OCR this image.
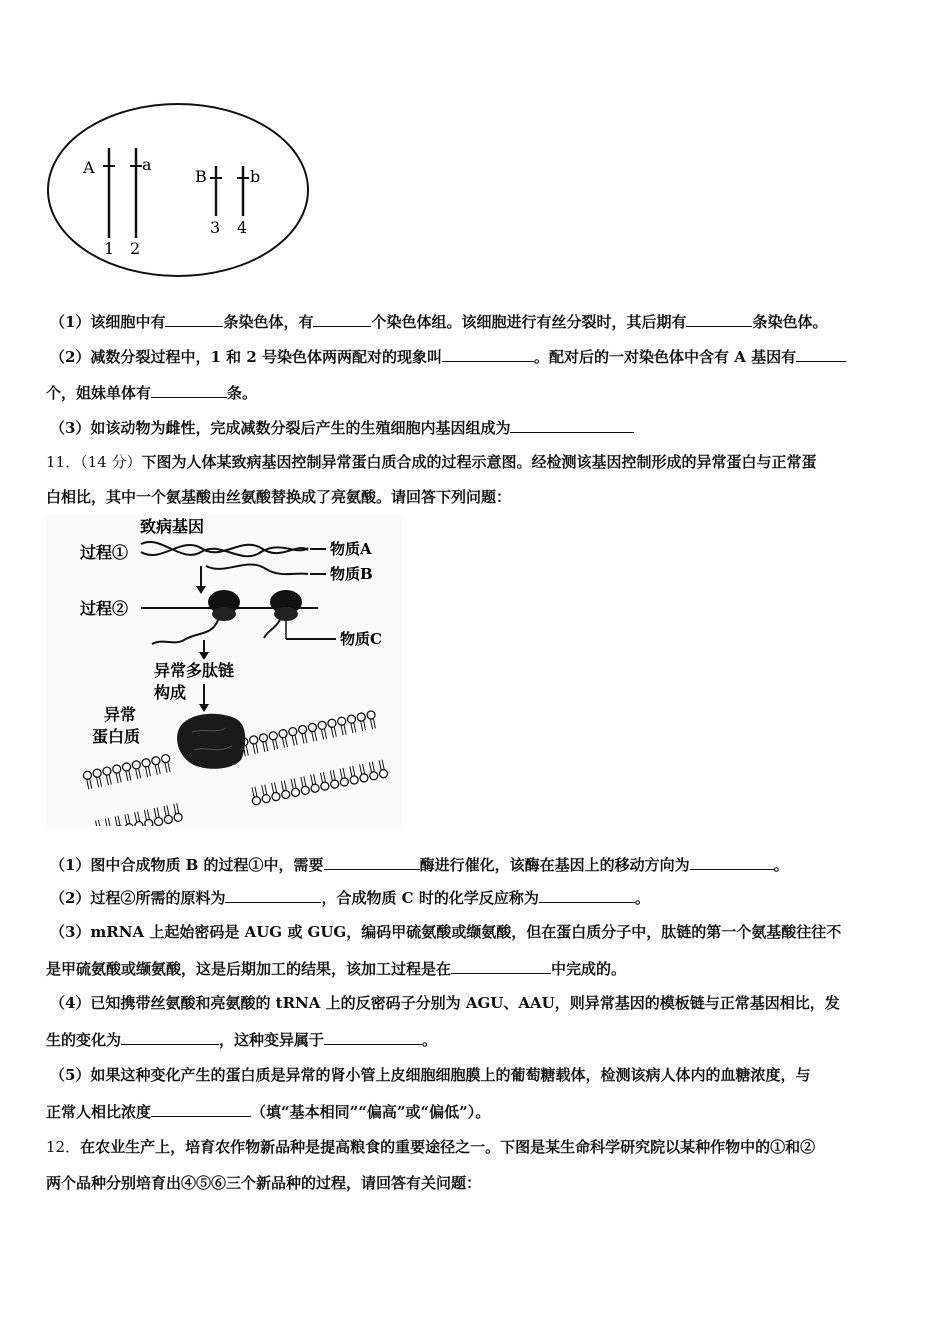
A	a
B	b
1 2
3 4
（1）该细胞中有	条染色体，有	个染色体组。该细胞进行有丝分裂时，其后期有	条染色体。
（2）减数分裂过程中，1 和 2 号染色体两两配对的现象叫	。配对后的一对染色体中含有 A 基因有
个，姐妹单体有	条。
（3）如该动物为雌性，完成减数分裂后产生的生殖细胞内基因组成为
11．（14 分）下图为人体某致病基因控制异常蛋白质合成的过程示意图。经检测该基因控制形成的异常蛋白与正常蛋
白相比，其中一个氨基酸由丝氨酸替换成了亮氨酸。请回答下列问题：
致病基因
过程①	物质A
物质B
过程②
物质C
异常多肽链
构成
异常
蛋白质
（1）图中合成物质 B 的过程①中，需要	酶进行催化，该酶在基因上的移动方向为	。
（2）过程②所需的原料为	，合成物质 C 时的化学反应称为	。
（3）mRNA 上起始密码是 AUG 或 GUG，编码甲硫氨酸或缬氨酸，但在蛋白质分子中，肽链的第一个氨基酸往往不
是甲硫氨酸或缬氨酸，这是后期加工的结果，该加工过程是在	中完成的。
（4）已知携带丝氨酸和亮氨酸的 tRNA 上的反密码子分别为 AGU、AAU，则异常基因的模板链与正常基因相比，发
生的变化为	，这种变异属于	。
（5）如果这种变化产生的蛋白质是异常的肾小管上皮细胞细胞膜上的葡萄糖载体，检测该病人体内的血糖浓度，与
正常人相比浓度	（填“基本相同”“偏高”或“偏低”）。
12．在农业生产上，培育农作物新品种是提高粮食的重要途径之一。下图是某生命科学研究院以某种作物中的①和②
两个品种分别培育出④⑤⑥三个新品种的过程，请回答有关问题：
